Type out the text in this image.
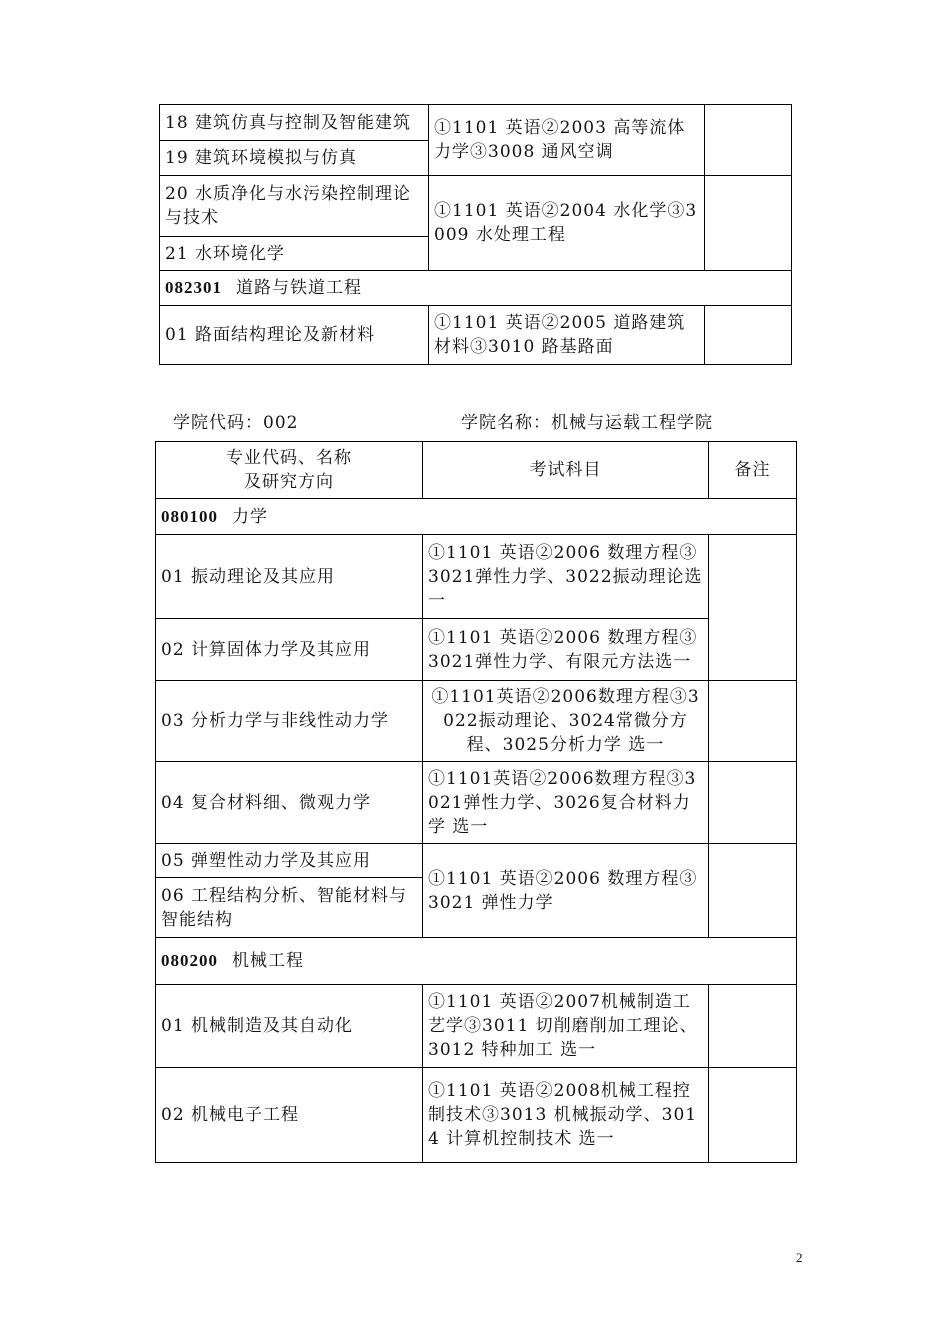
18 建筑仿真与控制及智能建筑	①1101 英语②2003 高等流体力学③3008 通风空调	
19 建筑环境模拟与仿真		
20 水质净化与水污染控制理论与技术	①1101 英语②2004 水化学③3009 水处理工程	
21 水环境化学		
082301 道路与铁道工程		
01 路面结构理论及新材料	①1101 英语②2005 道路建筑材料③3010 路基路面	
学院代码：002	学院名称：机械与运载工程学院
专业代码、名称
及研究方向	考试科目	备注
080100 力学		
01 振动理论及其应用	①1101 英语②2006 数理方程③3021弹性力学、3022振动理论选一	
02 计算固体力学及其应用	①1101 英语②2006 数理方程③3021弹性力学、有限元方法选一	
03 分析力学与非线性动力学	①1101英语②2006数理方程③3022振动理论、3024常微分方程、3025分析力学 选一	
04 复合材料细、微观力学	①1101英语②2006数理方程③3021弹性力学、3026复合材料力学 选一	
05 弹塑性动力学及其应用	①1101 英语②2006 数理方程③3021 弹性力学	
06 工程结构分析、智能材料与智能结构		
080200 机械工程		
01 机械制造及其自动化	①1101 英语②2007机械制造工艺学③3011 切削磨削加工理论、3012 特种加工 选一	
02 机械电子工程	①1101 英语②2008机械工程控制技术③3013 机械振动学、3014 计算机控制技术 选一	
2
